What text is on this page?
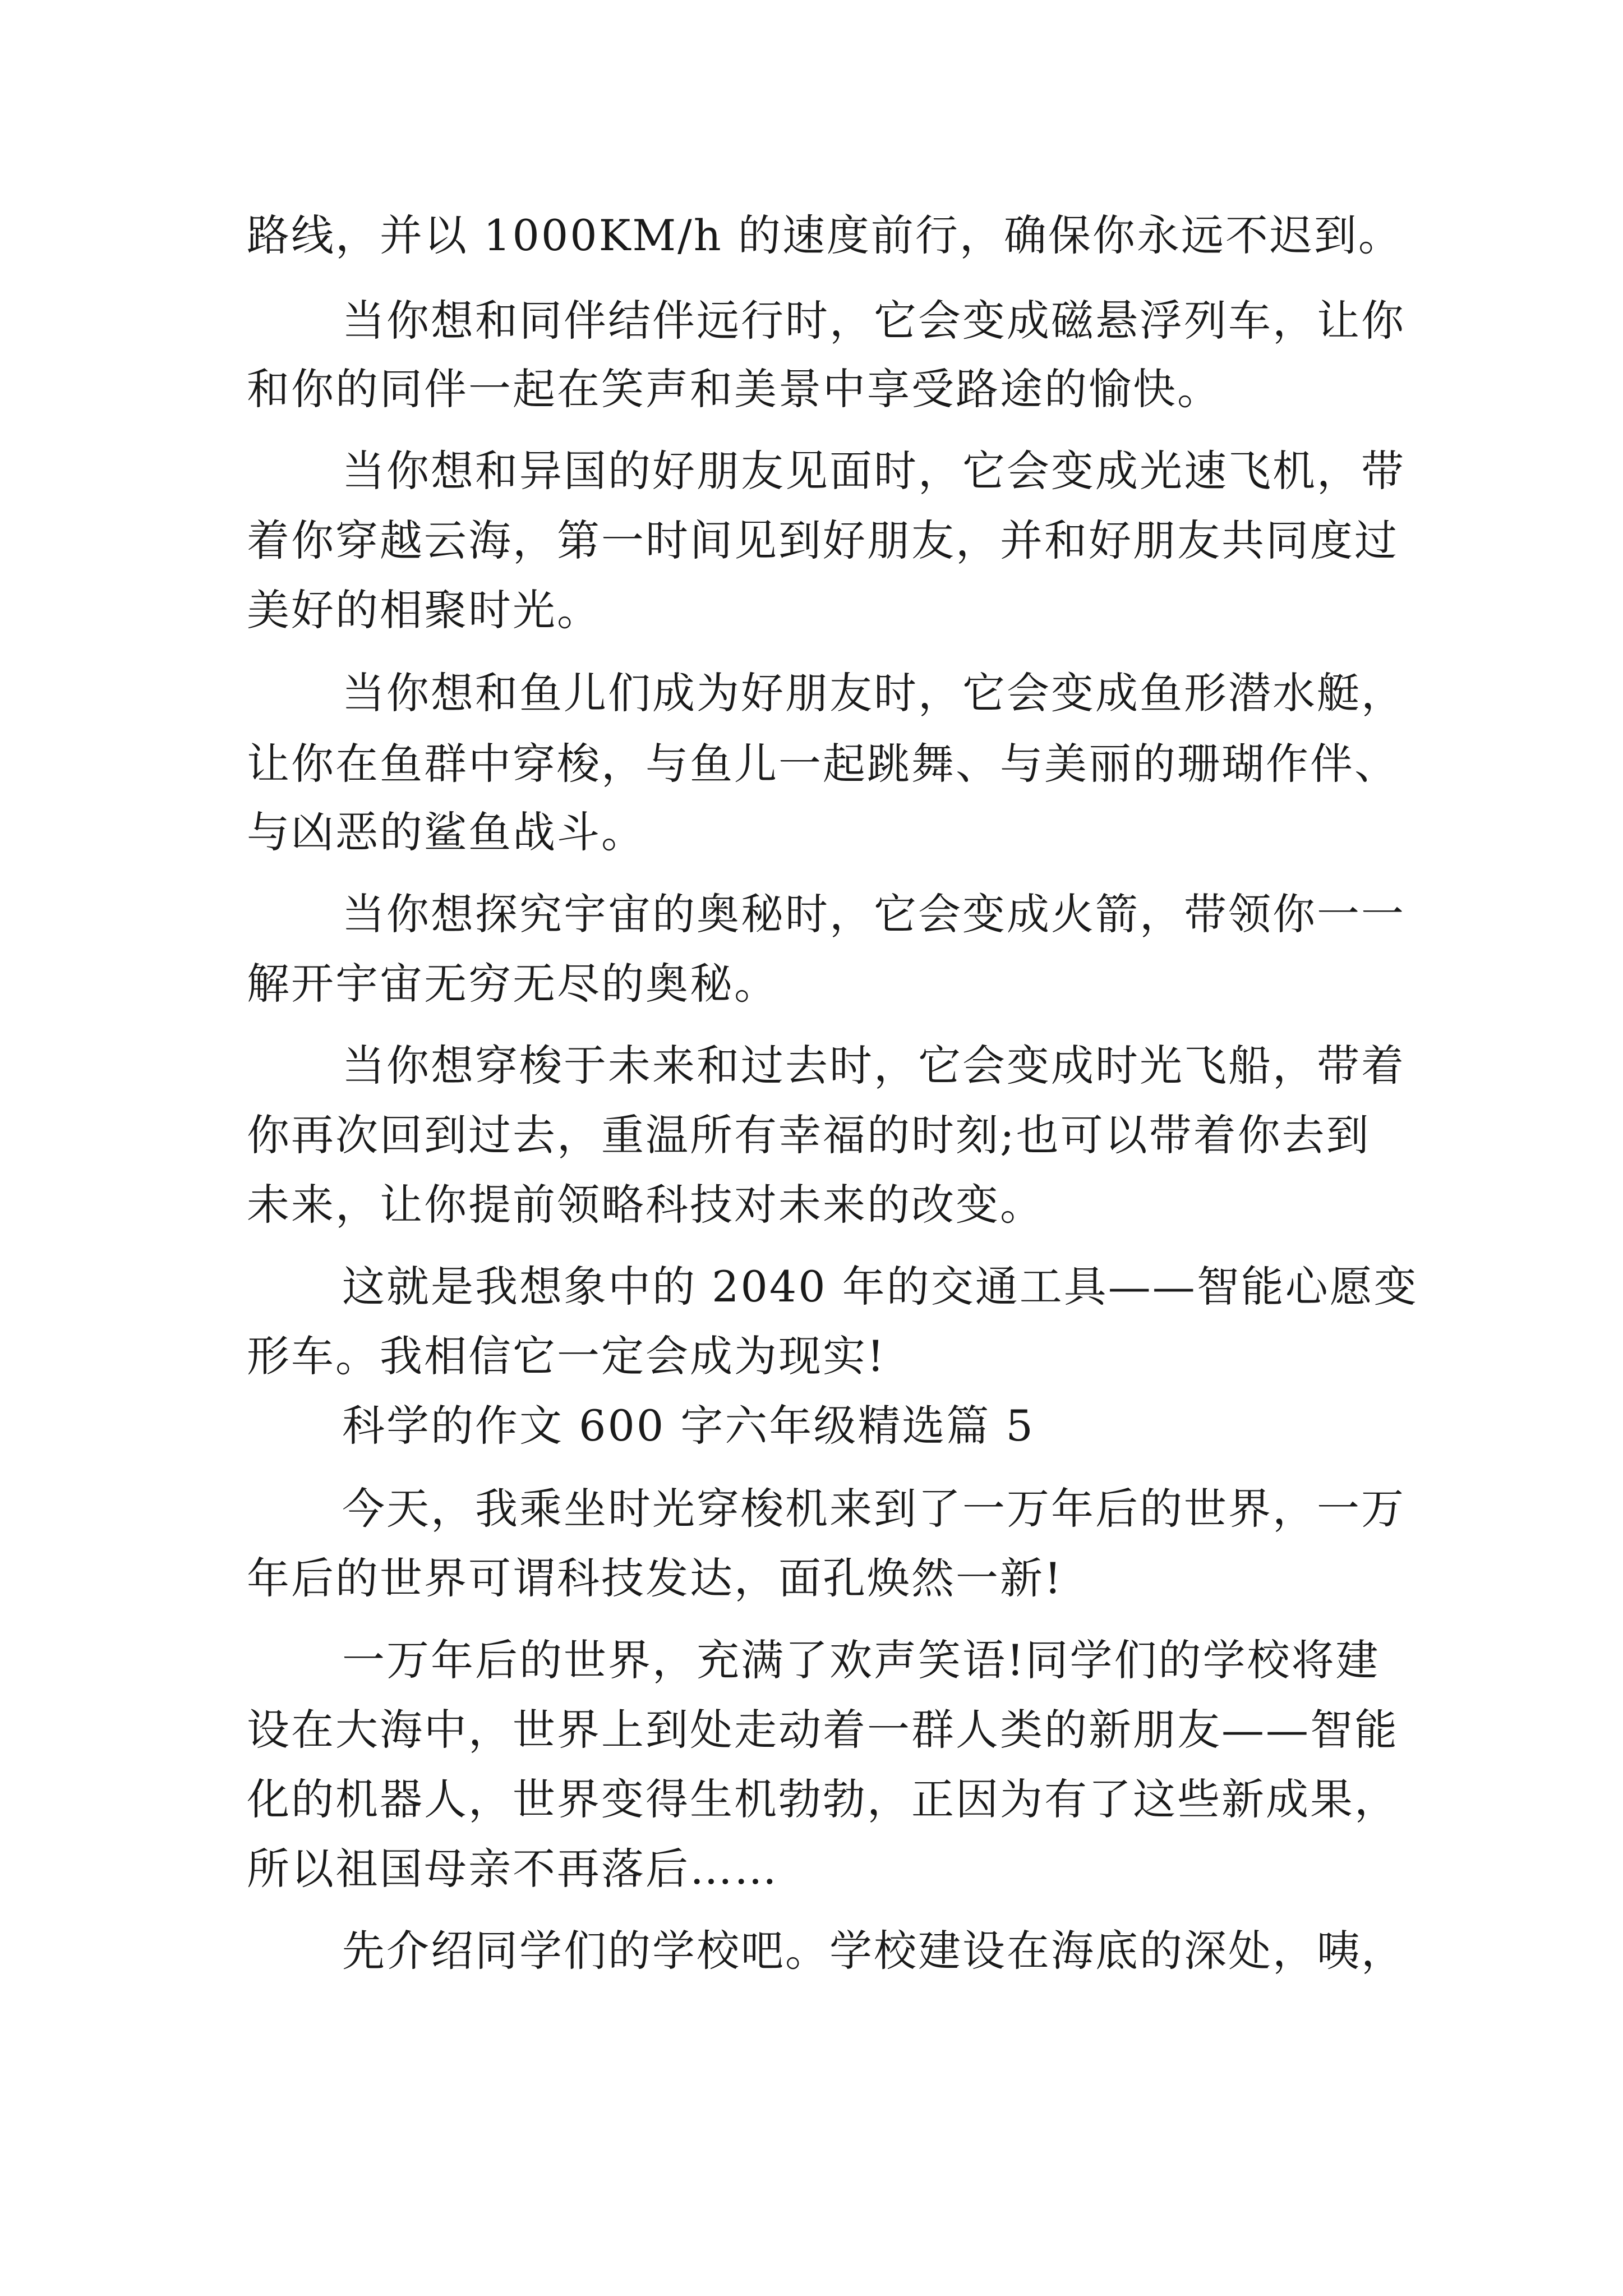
路线，并以 1000KM/h 的速度前行，确保你永远不迟到。

当你想和同伴结伴远行时，它会变成磁悬浮列车，让你

和你的同伴一起在笑声和美景中享受路途的愉快。

当你想和异国的好朋友见面时，它会变成光速飞机，带

着你穿越云海，第一时间见到好朋友，并和好朋友共同度过

美好的相聚时光。

当你想和鱼儿们成为好朋友时，它会变成鱼形潜水艇，

让你在鱼群中穿梭，与鱼儿一起跳舞、与美丽的珊瑚作伴、

与凶恶的鲨鱼战斗。

当你想探究宇宙的奥秘时，它会变成火箭，带领你一一

解开宇宙无穷无尽的奥秘。

当你想穿梭于未来和过去时，它会变成时光飞船，带着

你再次回到过去，重温所有幸福的时刻;也可以带着你去到

未来，让你提前领略科技对未来的改变。

这就是我想象中的 2040 年的交通工具——智能心愿变

形车。我相信它一定会成为现实!

科学的作文 600 字六年级精选篇 5

今天，我乘坐时光穿梭机来到了一万年后的世界，一万

年后的世界可谓科技发达，面孔焕然一新!

一万年后的世界，充满了欢声笑语!同学们的学校将建

设在大海中，世界上到处走动着一群人类的新朋友——智能

化的机器人，世界变得生机勃勃，正因为有了这些新成果，

所以祖国母亲不再落后……

先介绍同学们的学校吧。学校建设在海底的深处，咦，
